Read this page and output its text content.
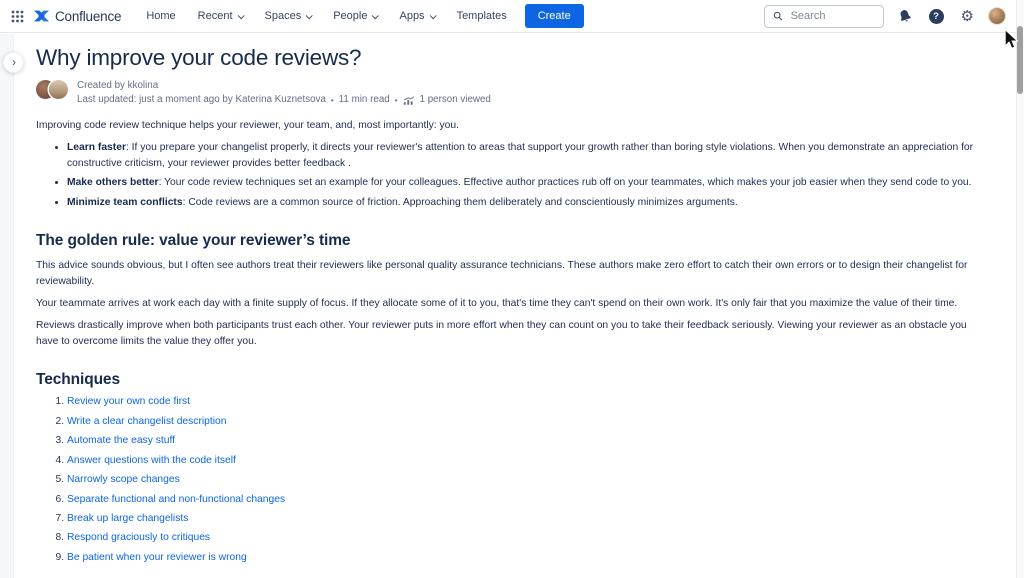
Confluence Home Recent	Spaces	People	Apps	Templates	Create
Search	?	⚙
› Why improve your code reviews?
Created by kkolina
Last updated: just a moment ago by Katerina Kuznetsova • 11 min read • 1 person viewed

Improving code review technique helps your reviewer, your team, and, most importantly: you.

• Learn faster: If you prepare your changelist properly, it directs your reviewer's attention to areas that support your growth rather than boring style violations. When you demonstrate an appreciation for constructive criticism, your reviewer provides better feedback .
• Make others better: Your code review techniques set an example for your colleagues. Effective author practices rub off on your teammates, which makes your job easier when they send code to you.
• Minimize team conflicts: Code reviews are a common source of friction. Approaching them deliberately and conscientiously minimizes arguments.
The golden rule: value your reviewer’s time

This advice sounds obvious, but I often see authors treat their reviewers like personal quality assurance technicians. These authors make zero effort to catch their own errors or to design their changelist for reviewability.

Your teammate arrives at work each day with a finite supply of focus. If they allocate some of it to you, that's time they can't spend on their own work. It's only fair that you maximize the value of their time.

Reviews drastically improve when both participants trust each other. Your reviewer puts in more effort when they can count on you to take their feedback seriously. Viewing your reviewer as an obstacle you have to overcome limits the value they offer you.

Techniques
1. Review your own code first
2. Write a clear changelist description
3. Automate the easy stuff
4. Answer questions with the code itself
5. Narrowly scope changes
6. Separate functional and non-functional changes
7. Break up large changelists
8. Respond graciously to critiques
9. Be patient when your reviewer is wrong
